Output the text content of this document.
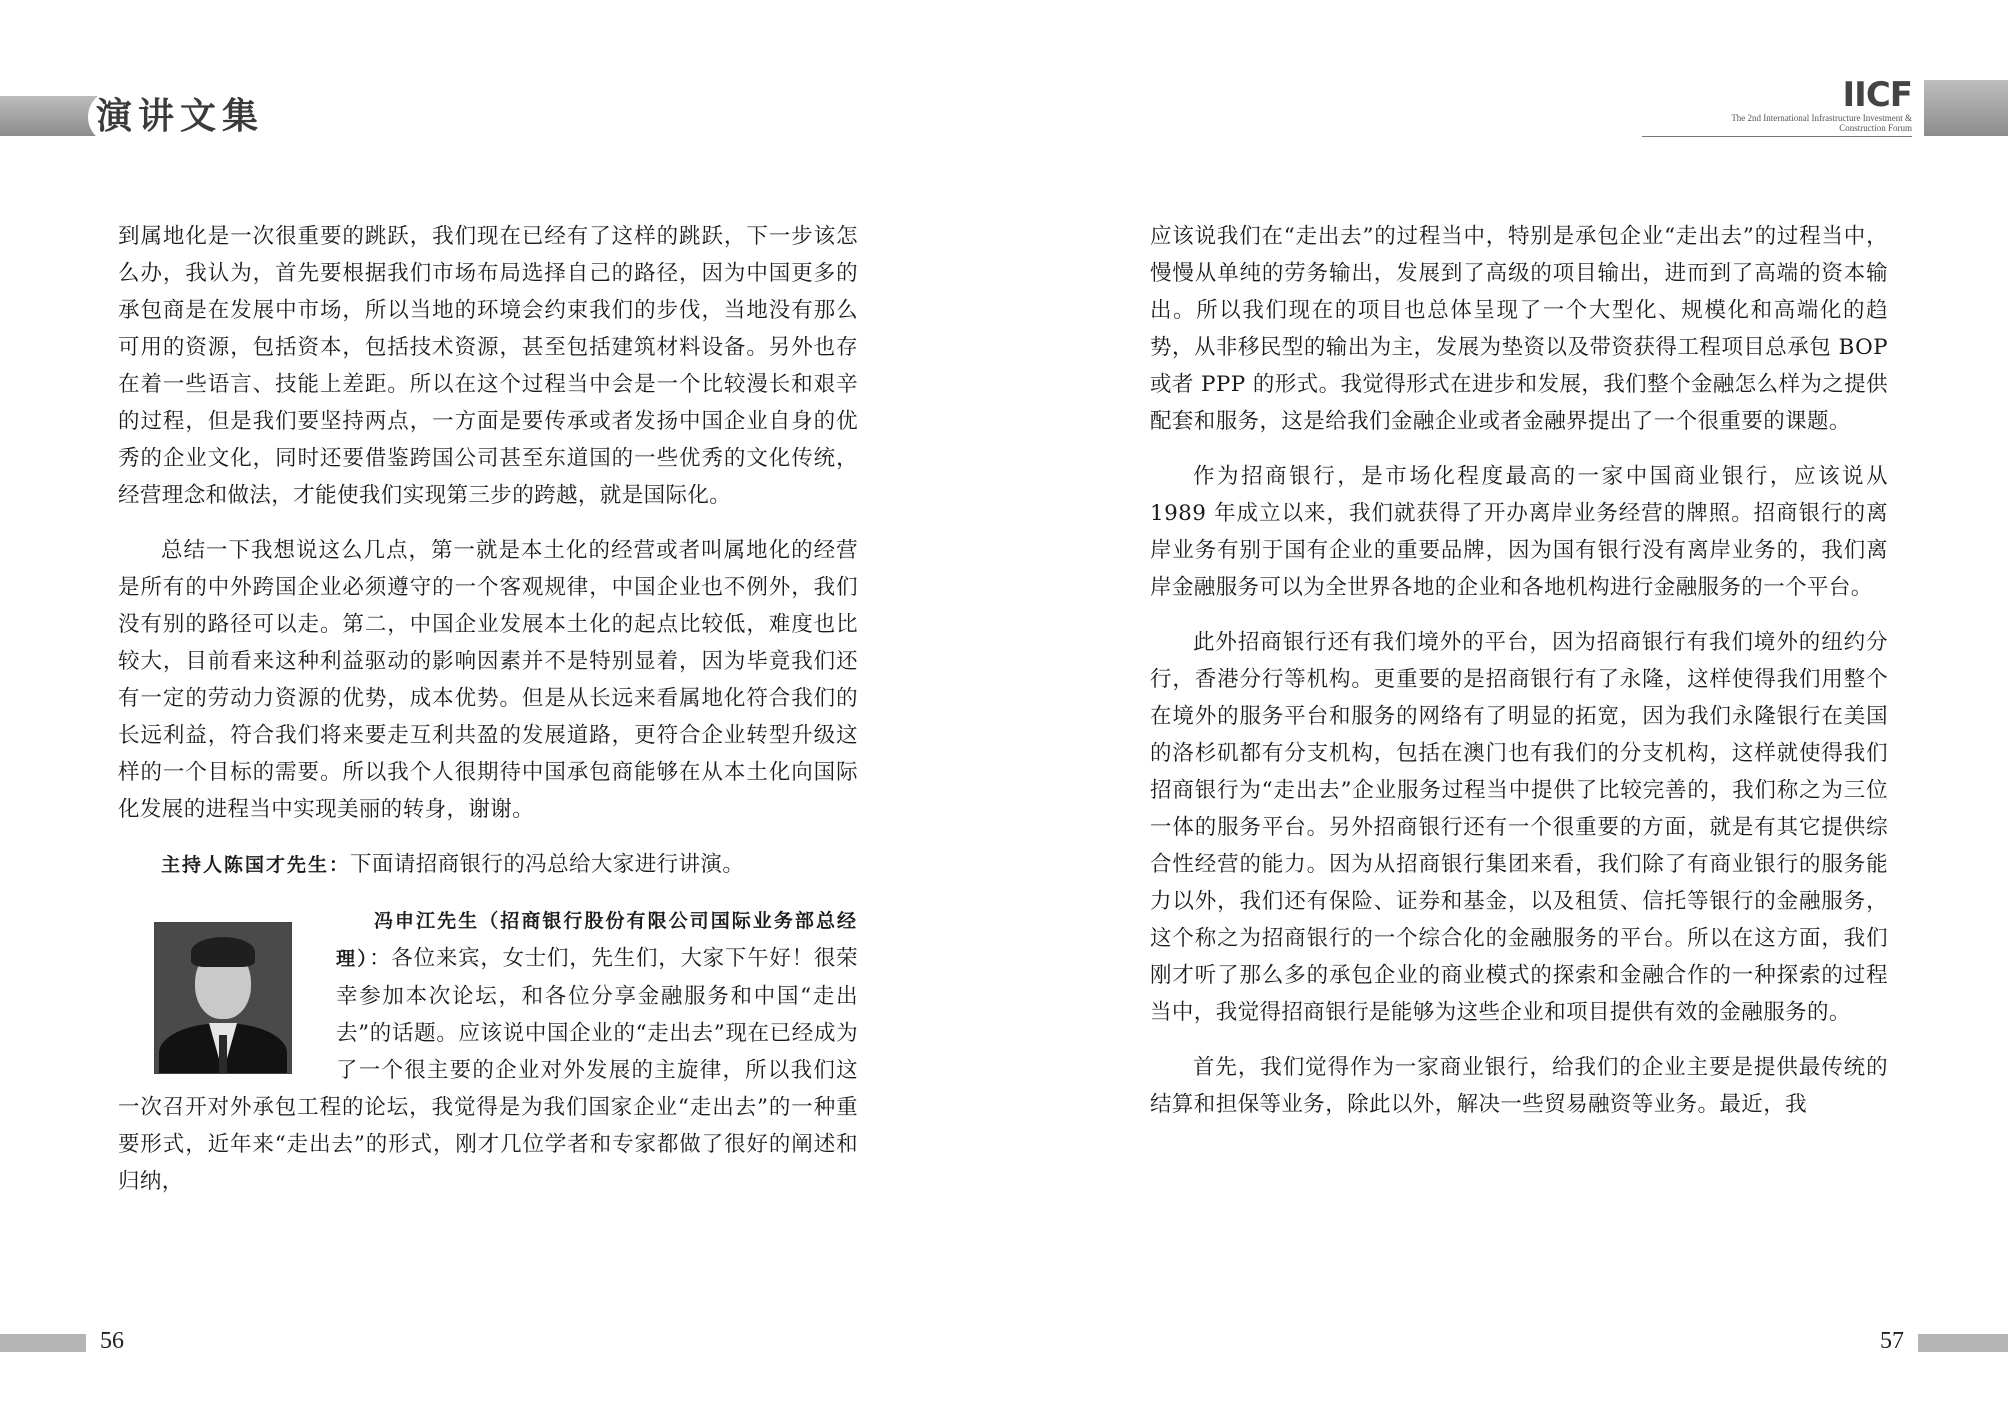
演讲文集

到属地化是一次很重要的跳跃，我们现在已经有了这样的跳跃，下一步该怎么办，我认为，首先要根据我们市场布局选择自己的路径，因为中国更多的承包商是在发展中市场，所以当地的环境会约束我们的步伐，当地没有那么可用的资源，包括资本，包括技术资源，甚至包括建筑材料设备。另外也存在着一些语言、技能上差距。所以在这个过程当中会是一个比较漫长和艰辛的过程，但是我们要坚持两点，一方面是要传承或者发扬中国企业自身的优秀的企业文化，同时还要借鉴跨国公司甚至东道国的一些优秀的文化传统，经营理念和做法，才能使我们实现第三步的跨越，就是国际化。

总结一下我想说这么几点，第一就是本土化的经营或者叫属地化的经营是所有的中外跨国企业必须遵守的一个客观规律，中国企业也不例外，我们没有别的路径可以走。第二，中国企业发展本土化的起点比较低，难度也比较大，目前看来这种利益驱动的影响因素并不是特别显着，因为毕竟我们还有一定的劳动力资源的优势，成本优势。但是从长远来看属地化符合我们的长远利益，符合我们将来要走互利共盈的发展道路，更符合企业转型升级这样的一个目标的需要。所以我个人很期待中国承包商能够在从本土化向国际化发展的进程当中实现美丽的转身，谢谢。

主持人陈国才先生：下面请招商银行的冯总给大家进行讲演。

冯申江先生（招商银行股份有限公司国际业务部总经理）：各位来宾，女士们，先生们，大家下午好！很荣幸参加本次论坛，和各位分享金融服务和中国“走出去”的话题。应该说中国企业的“走出去”现在已经成为了一个很主要的企业对外发展的主旋律，所以我们这一次召开对外承包工程的论坛，我觉得是为我们国家企业“走出去”的一种重要形式，近年来“走出去”的形式，刚才几位学者和专家都做了很好的阐述和归纳，

56
IICF
The 2nd International Infrastructure Investment &
Construction Forum

应该说我们在“走出去”的过程当中，特别是承包企业“走出去”的过程当中，慢慢从单纯的劳务输出，发展到了高级的项目输出，进而到了高端的资本输出。所以我们现在的项目也总体呈现了一个大型化、规模化和高端化的趋势，从非移民型的输出为主，发展为垫资以及带资获得工程项目总承包 BOP 或者 PPP 的形式。我觉得形式在进步和发展，我们整个金融怎么样为之提供配套和服务，这是给我们金融企业或者金融界提出了一个很重要的课题。

作为招商银行，是市场化程度最高的一家中国商业银行，应该说从 1989 年成立以来，我们就获得了开办离岸业务经营的牌照。招商银行的离岸业务有别于国有企业的重要品牌，因为国有银行没有离岸业务的，我们离岸金融服务可以为全世界各地的企业和各地机构进行金融服务的一个平台。

此外招商银行还有我们境外的平台，因为招商银行有我们境外的纽约分行，香港分行等机构。更重要的是招商银行有了永隆，这样使得我们用整个在境外的服务平台和服务的网络有了明显的拓宽，因为我们永隆银行在美国的洛杉矶都有分支机构，包括在澳门也有我们的分支机构，这样就使得我们招商银行为“走出去”企业服务过程当中提供了比较完善的，我们称之为三位一体的服务平台。另外招商银行还有一个很重要的方面，就是有其它提供综合性经营的能力。因为从招商银行集团来看，我们除了有商业银行的服务能力以外，我们还有保险、证券和基金，以及租赁、信托等银行的金融服务，这个称之为招商银行的一个综合化的金融服务的平台。所以在这方面，我们刚才听了那么多的承包企业的商业模式的探索和金融合作的一种探索的过程当中，我觉得招商银行是能够为这些企业和项目提供有效的金融服务的。

首先，我们觉得作为一家商业银行，给我们的企业主要是提供最传统的结算和担保等业务，除此以外，解决一些贸易融资等业务。最近，我

57
